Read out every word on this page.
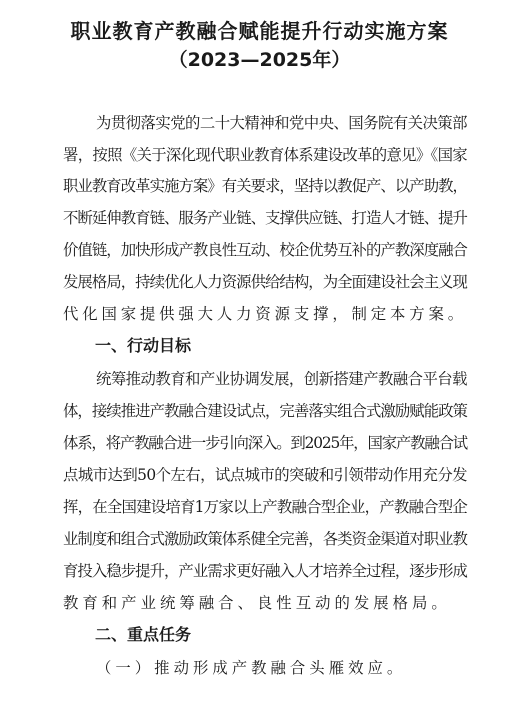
职业教育产教融合赋能提升行动实施方案
（2023—2025年）
为贯彻落实党的二十大精神和党中央、国务院有关决策部
署，按照《关于深化现代职业教育体系建设改革的意见》《国家
职业教育改革实施方案》有关要求，坚持以教促产、以产助教，
不断延伸教育链、服务产业链、支撑供应链、打造人才链、提升
价值链，加快形成产教良性互动、校企优势互补的产教深度融合
发展格局，持续优化人力资源供给结构，为全面建设社会主义现
代化国家提供强大人力资源支撑，制定本方案。
一、行动目标
统筹推动教育和产业协调发展，创新搭建产教融合平台载
体，接续推进产教融合建设试点，完善落实组合式激励赋能政策
体系，将产教融合进一步引向深入。到2025年，国家产教融合试
点城市达到50个左右，试点城市的突破和引领带动作用充分发
挥，在全国建设培育1万家以上产教融合型企业，产教融合型企
业制度和组合式激励政策体系健全完善，各类资金渠道对职业教
育投入稳步提升，产业需求更好融入人才培养全过程，逐步形成
教育和产业统筹融合、良性互动的发展格局。
二、重点任务
（一）推动形成产教融合头雁效应。
